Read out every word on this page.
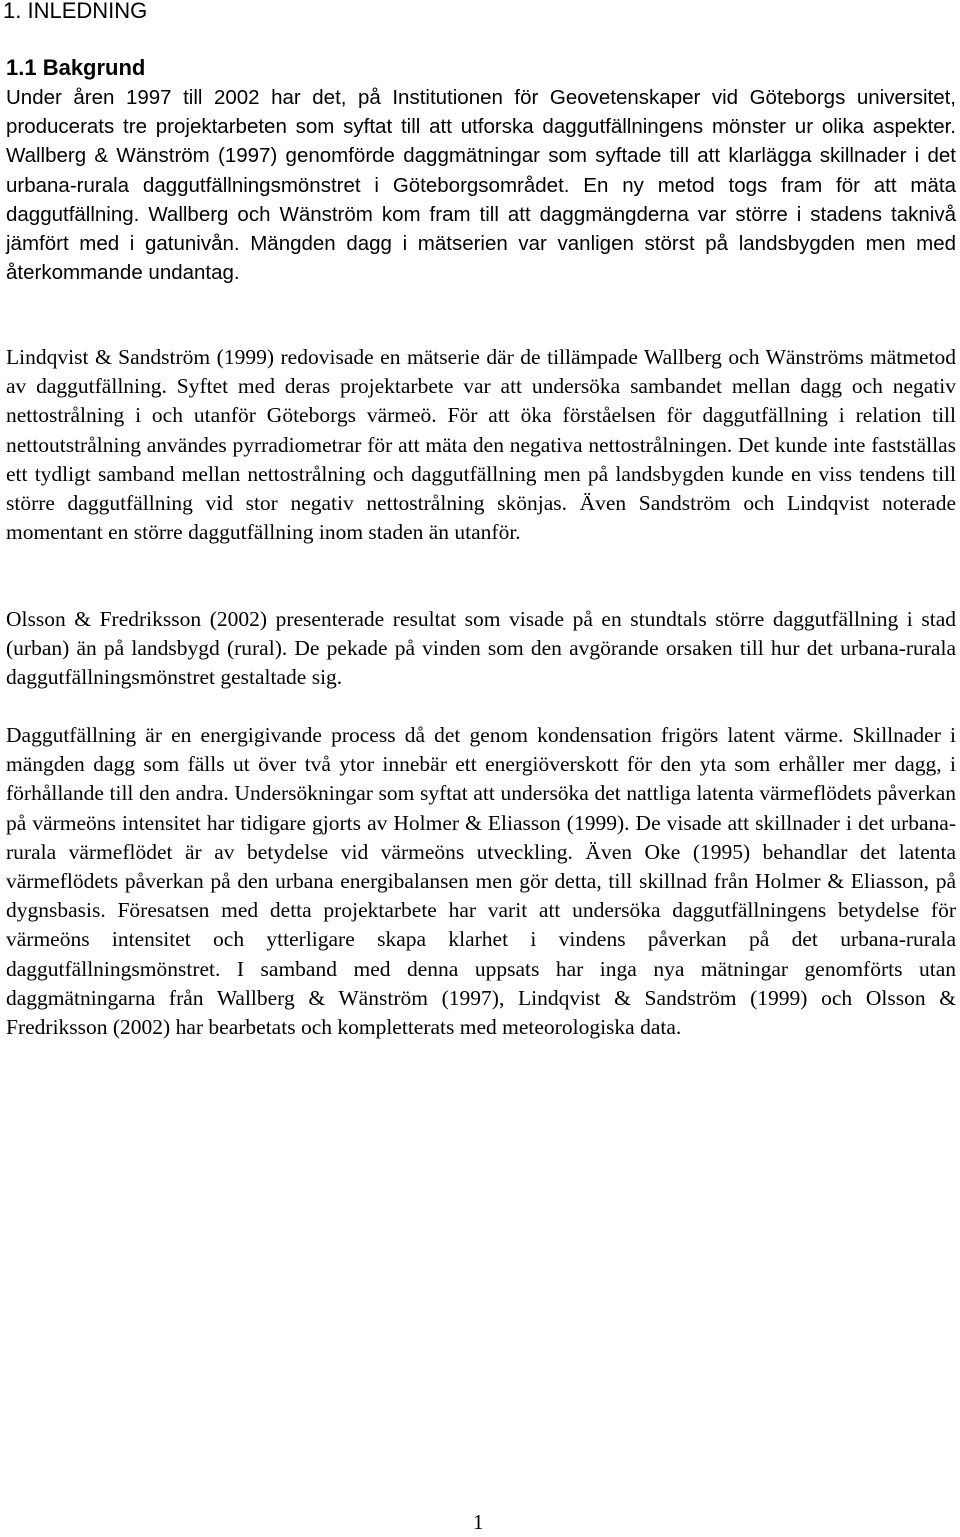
1. INLEDNING
1.1 Bakgrund

Under åren 1997 till 2002 har det, på Institutionen för Geovetenskaper vid Göteborgs universitet, producerats tre projektarbeten som syftat till att utforska daggutfällningens mönster ur olika aspekter. Wallberg & Wänström (1997) genomförde daggmätningar som syftade till att klarlägga skillnader i det urbana-rurala daggutfällningsmönstret i Göteborgsområdet. En ny metod togs fram för att mäta daggutfällning. Wallberg och Wänström kom fram till att daggmängderna var större i stadens taknivå jämfört med i gatunivån. Mängden dagg i mätserien var vanligen störst på landsbygden men med återkommande undantag.

Lindqvist & Sandström (1999) redovisade en mätserie där de tillämpade Wallberg och Wänströms mätmetod av daggutfällning. Syftet med deras projektarbete var att undersöka sambandet mellan dagg och negativ nettostrålning i och utanför Göteborgs värmeö. För att öka förståelsen för daggutfällning i relation till nettoutstrålning användes pyrradiometrar för att mäta den negativa nettostrålningen. Det kunde inte fastställas ett tydligt samband mellan nettostrålning och daggutfällning men på landsbygden kunde en viss tendens till större daggutfällning vid stor negativ nettostrålning skönjas. Även Sandström och Lindqvist noterade momentant en större daggutfällning inom staden än utanför.

Olsson & Fredriksson (2002) presenterade resultat som visade på en stundtals större daggutfällning i stad (urban) än på landsbygd (rural). De pekade på vinden som den avgörande orsaken till hur det urbana-rurala daggutfällningsmönstret gestaltade sig.

Daggutfällning är en energigivande process då det genom kondensation frigörs latent värme. Skillnader i mängden dagg som fälls ut över två ytor innebär ett energiöverskott för den yta som erhåller mer dagg, i förhållande till den andra. Undersökningar som syftat att undersöka det nattliga latenta värmeflödets påverkan på värmeöns intensitet har tidigare gjorts av Holmer & Eliasson (1999). De visade att skillnader i det urbana-rurala värmeflödet är av betydelse vid värmeöns utveckling. Även Oke (1995) behandlar det latenta värmeflödets påverkan på den urbana energibalansen men gör detta, till skillnad från Holmer & Eliasson, på dygnsbasis. Föresatsen med detta projektarbete har varit att undersöka daggutfällningens betydelse för värmeöns intensitet och ytterligare skapa klarhet i vindens påverkan på det urbana-rurala daggutfällningsmönstret. I samband med denna uppsats har inga nya mätningar genomförts utan daggmätningarna från Wallberg & Wänström (1997), Lindqvist & Sandström (1999) och Olsson & Fredriksson (2002) har bearbetats och kompletterats med meteorologiska data.

1
